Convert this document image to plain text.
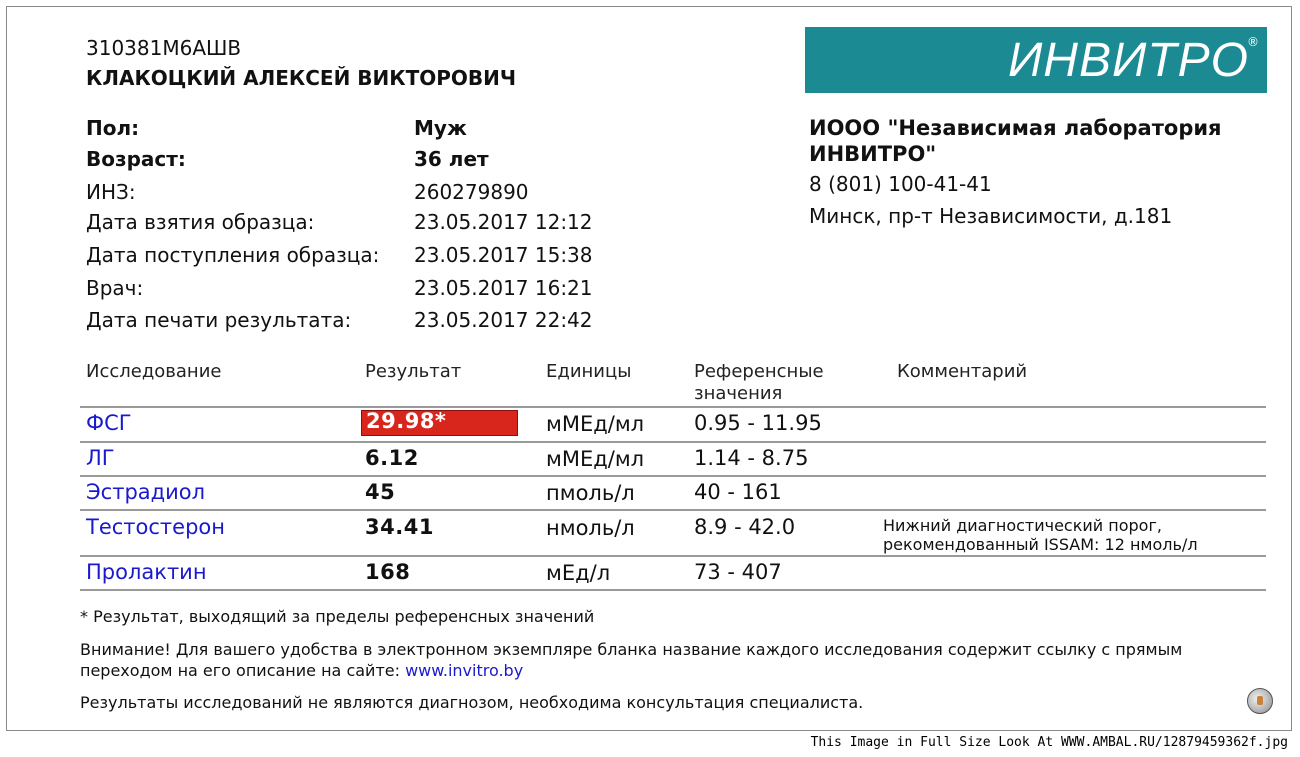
310381M6АШВ
КЛАКОЦКИЙ АЛЕКСЕЙ ВИКТОРОВИЧ
Пол:	Муж
Возраст:	36 лет
ИНЗ:	260279890
Дата взятия образца:	23.05.2017 12:12
Дата поступления образца: 23.05.2017 15:38
Врач:	23.05.2017 16:21
Дата печати результата:	23.05.2017 22:42
ИНВИТРО
®
ИООО "Независимая лаборатория ИНВИТРО"
8 (801) 100-41-41
Минск, пр-т Независимости, д.181
Исследование	Результат	Единицы	Референсные
значения
Комментарий
ФСГ	29.98*	мМЕд/мл 0.95 - 11.95
ЛГ	6.12	мМЕд/мл 1.14 - 8.75
Эстрадиол	45	пмоль/л	40 - 161
Тестостерон	34.41	нмоль/л	8.9 - 42.0	Нижний диагностический порог,
рекомендованный ISSAM: 12 нмоль/л
Пролактин	168	мЕд/л	73 - 407
* Результат, выходящий за пределы референсных значений
Внимание! Для вашего удобства в электронном экземпляре бланка название каждого исследования содержит ссылку с прямым
переходом на его описание на сайте: www.invitro.by
Результаты исследований не являются диагнозом, необходима консультация специалиста.
This Image in Full Size Look At WWW.AMBAL.RU/12879459362f.jpg
